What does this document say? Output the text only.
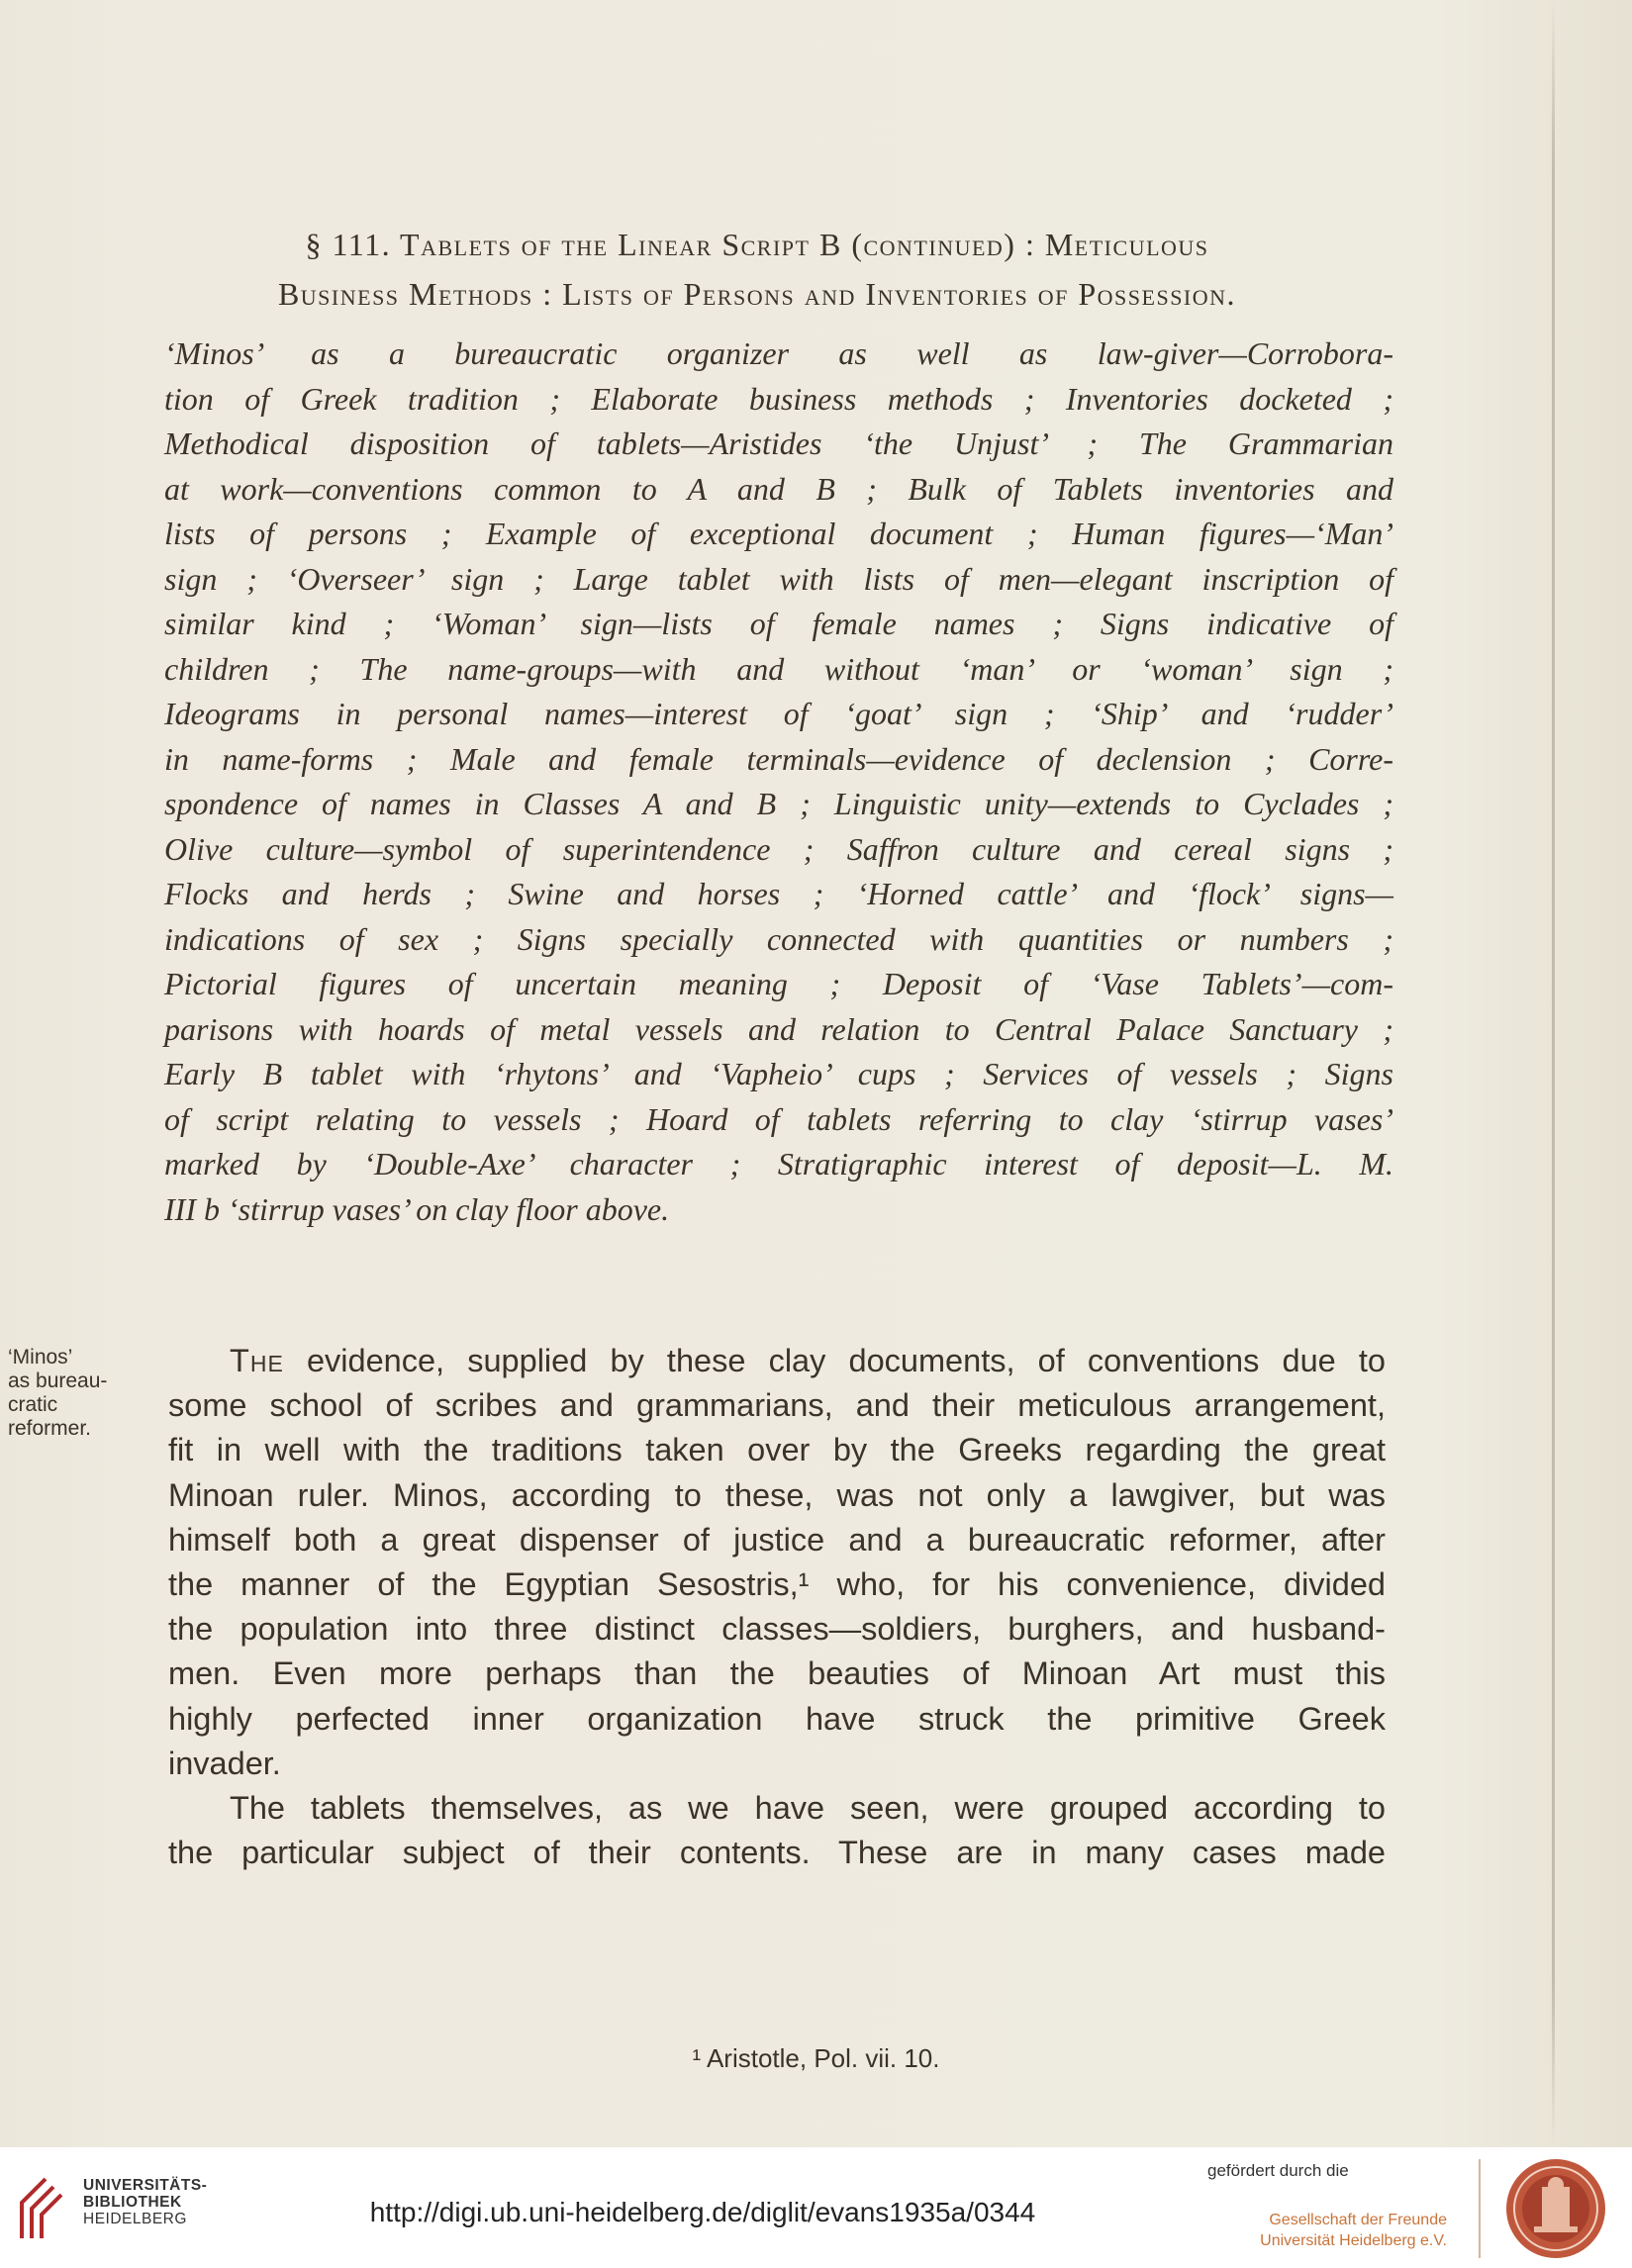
§ 111. Tablets of the Linear Script B (continued) : Meticulous
Business Methods : Lists of Persons and Inventories of Possession.
‘Minos’ as a bureaucratic organizer as well as law-giver—Corrobora-
tion of Greek tradition ; Elaborate business methods ; Inventories docketed ;
Methodical disposition of tablets—Aristides ‘the Unjust’ ; The Grammarian
at work—conventions common to A and B ; Bulk of Tablets inventories and
lists of persons ; Example of exceptional document ; Human figures—‘Man’
sign ; ‘Overseer’ sign ; Large tablet with lists of men—elegant inscription of
similar kind ; ‘Woman’ sign—lists of female names ; Signs indicative of
children ; The name-groups—with and without ‘man’ or ‘woman’ sign ;
Ideograms in personal names—interest of ‘goat’ sign ; ‘Ship’ and ‘rudder’
in name-forms ; Male and female terminals—evidence of declension ; Corre-
spondence of names in Classes A and B ; Linguistic unity—extends to Cyclades ;
Olive culture—symbol of superintendence ; Saffron culture and cereal signs ;
Flocks and herds ; Swine and horses ; ‘Horned cattle’ and ‘flock’ signs—
indications of sex ; Signs specially connected with quantities or numbers ;
Pictorial figures of uncertain meaning ; Deposit of ‘Vase Tablets’—com-
parisons with hoards of metal vessels and relation to Central Palace Sanctuary ;
Early B tablet with ‘rhytons’ and ‘Vapheio’ cups ; Services of vessels ; Signs
of script relating to vessels ; Hoard of tablets referring to clay ‘stirrup vases’
marked by ‘Double-Axe’ character ; Stratigraphic interest of deposit—L. M.
III b ‘stirrup vases’ on clay floor above.
‘Minos’
as bureau-
cratic
reformer.
The evidence, supplied by these clay documents, of conventions due to
some school of scribes and grammarians, and their meticulous arrangement,
fit in well with the traditions taken over by the Greeks regarding the great
Minoan ruler. Minos, according to these, was not only a lawgiver, but was
himself both a great dispenser of justice and a bureaucratic reformer, after
the manner of the Egyptian Sesostris,¹ who, for his convenience, divided
the population into three distinct classes—soldiers, burghers, and husband-
men. Even more perhaps than the beauties of Minoan Art must this
highly perfected inner organization have struck the primitive Greek
invader.
The tablets themselves, as we have seen, were grouped according to
the particular subject of their contents. These are in many cases made
¹ Aristotle, Pol. vii. 10.
UNIVERSITÄTS-
BIBLIOTHEK
HEIDELBERG	http://digi.ub.uni-heidelberg.de/diglit/evans1935a/0344
gefördert durch die
Gesellschaft der Freunde
Universität Heidelberg e.V.
